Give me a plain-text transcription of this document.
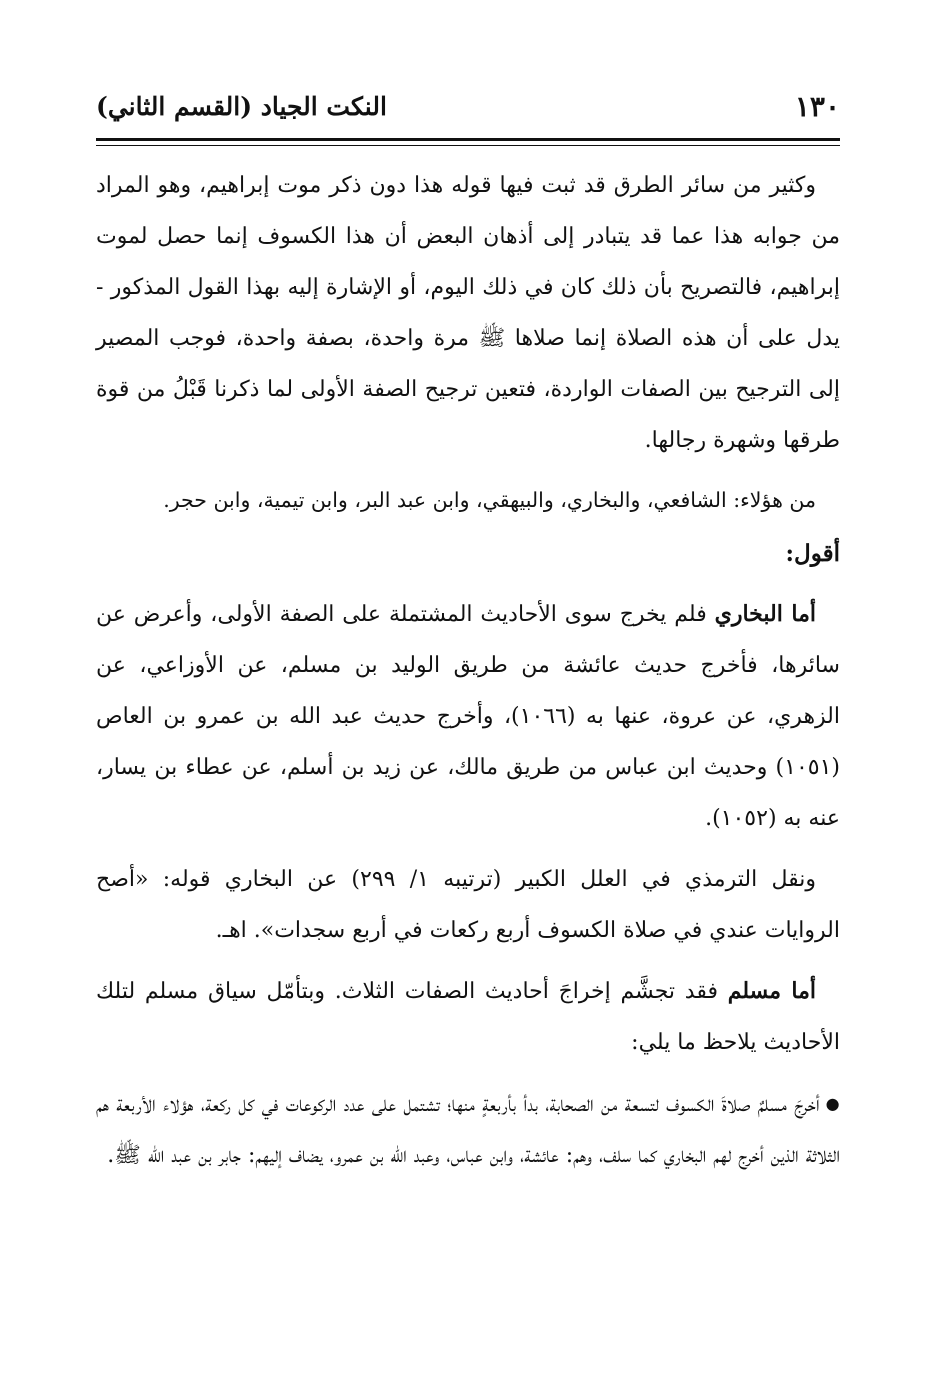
١٣٠
النكت الجياد (القسم الثاني)

وكثير من سائر الطرق قد ثبت فيها قوله هذا دون ذكر موت إبراهيم، وهو المراد من جوابه هذا عما قد يتبادر إلى أذهان البعض أن هذا الكسوف إنما حصل لموت إبراهيم، فالتصريح بأن ذلك كان في ذلك اليوم، أو الإشارة إليه بهذا القول المذكور - يدل على أن هذه الصلاة إنما صلاها ﷺ مرة واحدة، بصفة واحدة، فوجب المصير إلى الترجيح بين الصفات الواردة، فتعين ترجيح الصفة الأولى لما ذكرنا قَبْلُ من قوة طرقها وشهرة رجالها.

من هؤلاء: الشافعي، والبخاري، والبيهقي، وابن عبد البر، وابن تيمية، وابن حجر.

أقول:

أما البخاري فلم يخرج سوى الأحاديث المشتملة على الصفة الأولى، وأعرض عن سائرها، فأخرج حديث عائشة من طريق الوليد بن مسلم، عن الأوزاعي، عن الزهري، عن عروة، عنها به (١٠٦٦)، وأخرج حديث عبد الله بن عمرو بن العاص (١٠٥١) وحديث ابن عباس من طريق مالك، عن زيد بن أسلم، عن عطاء بن يسار، عنه به (١٠٥٢).

ونقل الترمذي في العلل الكبير (ترتيبه ١/ ٢٩٩) عن البخاري قوله: «أصح الروايات عندي في صلاة الكسوف أربع ركعات في أربع سجدات». اهـ.

أما مسلم فقد تجشَّم إخراجَ أحاديث الصفات الثلاث. وبتأمّل سياق مسلم لتلك الأحاديث يلاحظ ما يلي:

●أخرجَ مسلمٌ صلاةَ الكسوف لتسعة من الصحابة، بدأ بأربعةٍ منها؛ تشتمل على عدد الركوعات في كل ركعة، هؤلاء الأربعة هم الثلاثة الذين أخرج لهم البخاري كما سلف، وهم: عائشة، وابن عباس، وعبد الله بن عمرو، يضاف إليهم: جابر بن عبد الله ﷺ.
